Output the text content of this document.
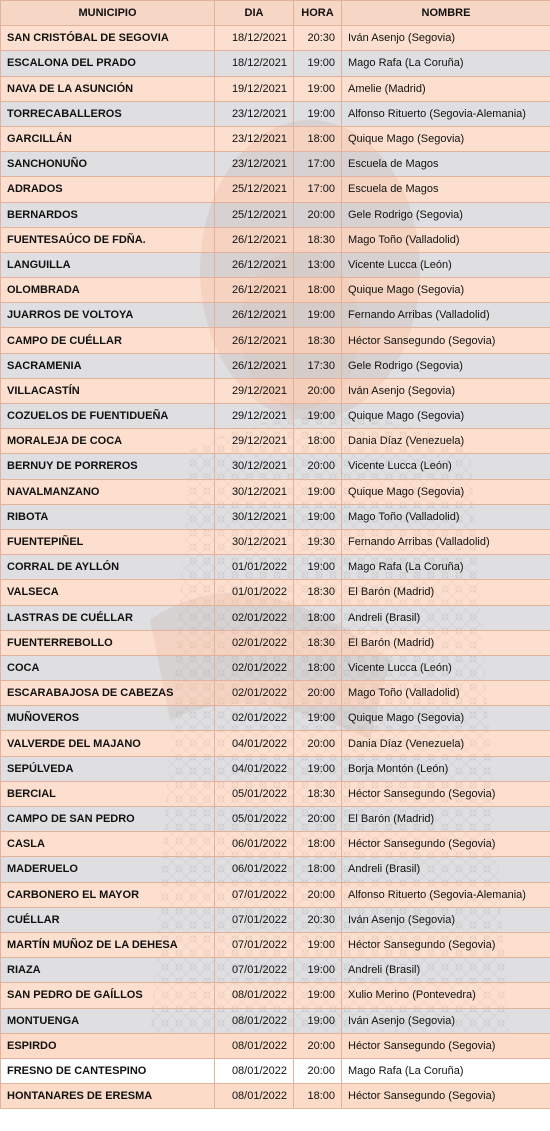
MUNICIPIO	DIA	HORA	NOMBRE
SAN CRISTÓBAL DE SEGOVIA	18/12/2021	20:30	Iván Asenjo (Segovia)
ESCALONA DEL PRADO	18/12/2021	19:00	Mago Rafa (La Coruña)
NAVA DE LA ASUNCIÓN	19/12/2021	19:00	Amelie (Madrid)
TORRECABALLEROS	23/12/2021	19:00	Alfonso Rituerto (Segovia-Alemania)
GARCILLÁN	23/12/2021	18:00	Quique Mago (Segovia)
SANCHONUÑO	23/12/2021	17:00	Escuela de Magos
ADRADOS	25/12/2021	17:00	Escuela de Magos
BERNARDOS	25/12/2021	20:00	Gele Rodrigo (Segovia)
FUENTESAÚCO DE FDÑA.	26/12/2021	18:30	Mago Toño (Valladolid)
LANGUILLA	26/12/2021	13:00	Vicente Lucca (León)
OLOMBRADA	26/12/2021	18:00	Quique Mago (Segovia)
JUARROS DE VOLTOYA	26/12/2021	19:00	Fernando Arribas (Valladolid)
CAMPO DE CUÉLLAR	26/12/2021	18:30	Héctor Sansegundo (Segovia)
SACRAMENIA	26/12/2021	17:30	Gele Rodrigo (Segovia)
VILLACASTÍN	29/12/2021	20:00	Iván Asenjo (Segovia)
COZUELOS DE FUENTIDUEÑA	29/12/2021	19:00	Quique Mago (Segovia)
MORALEJA DE COCA	29/12/2021	18:00	Dania Díaz (Venezuela)
BERNUY DE PORREROS	30/12/2021	20:00	Vicente Lucca (León)
NAVALMANZANO	30/12/2021	19:00	Quique Mago (Segovia)
RIBOTA	30/12/2021	19:00	Mago Toño (Valladolid)
FUENTEPIÑEL	30/12/2021	19:30	Fernando Arribas (Valladolid)
CORRAL DE AYLLÓN	01/01/2022	19:00	Mago Rafa (La Coruña)
VALSECA	01/01/2022	18:30	El Barón (Madrid)
LASTRAS DE CUÉLLAR	02/01/2022	18:00	Andreli (Brasil)
FUENTERREBOLLO	02/01/2022	18:30	El Barón (Madrid)
COCA	02/01/2022	18:00	Vicente Lucca (León)
ESCARABAJOSA DE CABEZAS	02/01/2022	20:00	Mago Toño (Valladolid)
MUÑOVEROS	02/01/2022	19:00	Quique Mago (Segovia)
VALVERDE DEL MAJANO	04/01/2022	20:00	Dania Díaz (Venezuela)
SEPÚLVEDA	04/01/2022	19:00	Borja Montón (León)
BERCIAL	05/01/2022	18:30	Héctor Sansegundo (Segovia)
CAMPO DE SAN PEDRO	05/01/2022	20:00	El Barón (Madrid)
CASLA	06/01/2022	18:00	Héctor Sansegundo (Segovia)
MADERUELO	06/01/2022	18:00	Andreli (Brasil)
CARBONERO EL MAYOR	07/01/2022	20:00	Alfonso Rituerto (Segovia-Alemania)
CUÉLLAR	07/01/2022	20:30	Iván Asenjo (Segovia)
MARTÍN MUÑOZ DE LA DEHESA	07/01/2022	19:00	Héctor Sansegundo (Segovia)
RIAZA	07/01/2022	19:00	Andreli (Brasil)
SAN PEDRO DE GAÍLLOS	08/01/2022	19:00	Xulio Merino (Pontevedra)
MONTUENGA	08/01/2022	19:00	Iván Asenjo (Segovia)
ESPIRDO	08/01/2022	20:00	Héctor Sansegundo (Segovia)
FRESNO DE CANTESPINO	08/01/2022	20:00	Mago Rafa (La Coruña)
HONTANARES DE ERESMA	08/01/2022	18:00	Héctor Sansegundo (Segovia)
